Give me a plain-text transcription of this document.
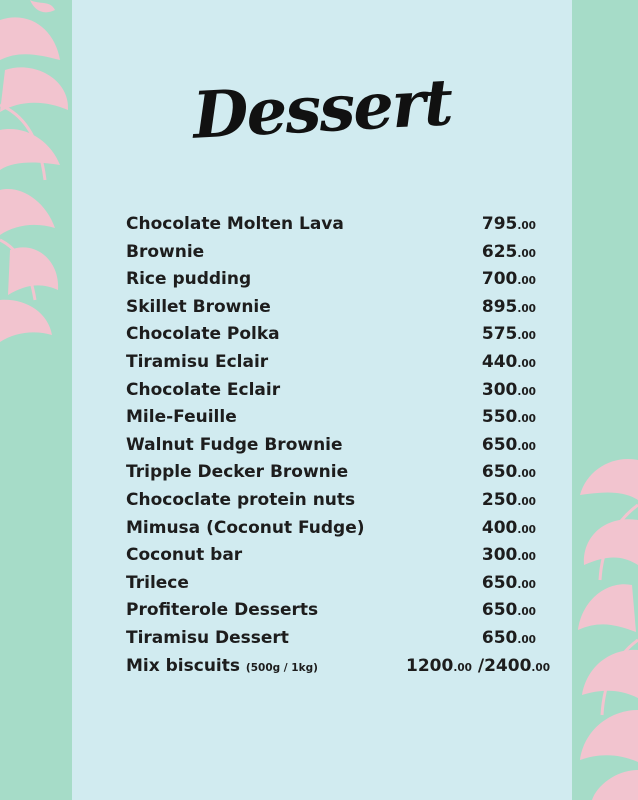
Dessert
Chocolate Molten Lava	795.00
Brownie	625.00
Rice pudding	700.00
Skillet Brownie	895.00
Chocolate Polka	575.00
Tiramisu Eclair	440.00
Chocolate Eclair	300.00
Mile-Feuille	550.00
Walnut Fudge Brownie	650.00
Tripple Decker Brownie	650.00
Chococlate protein nuts	250.00
Mimusa (Coconut Fudge)	400.00
Coconut bar	300.00
Trilece	650.00
Profiterole Desserts	650.00
Tiramisu Dessert	650.00
Mix biscuits (500g / 1kg)	1200.00 /2400.00
